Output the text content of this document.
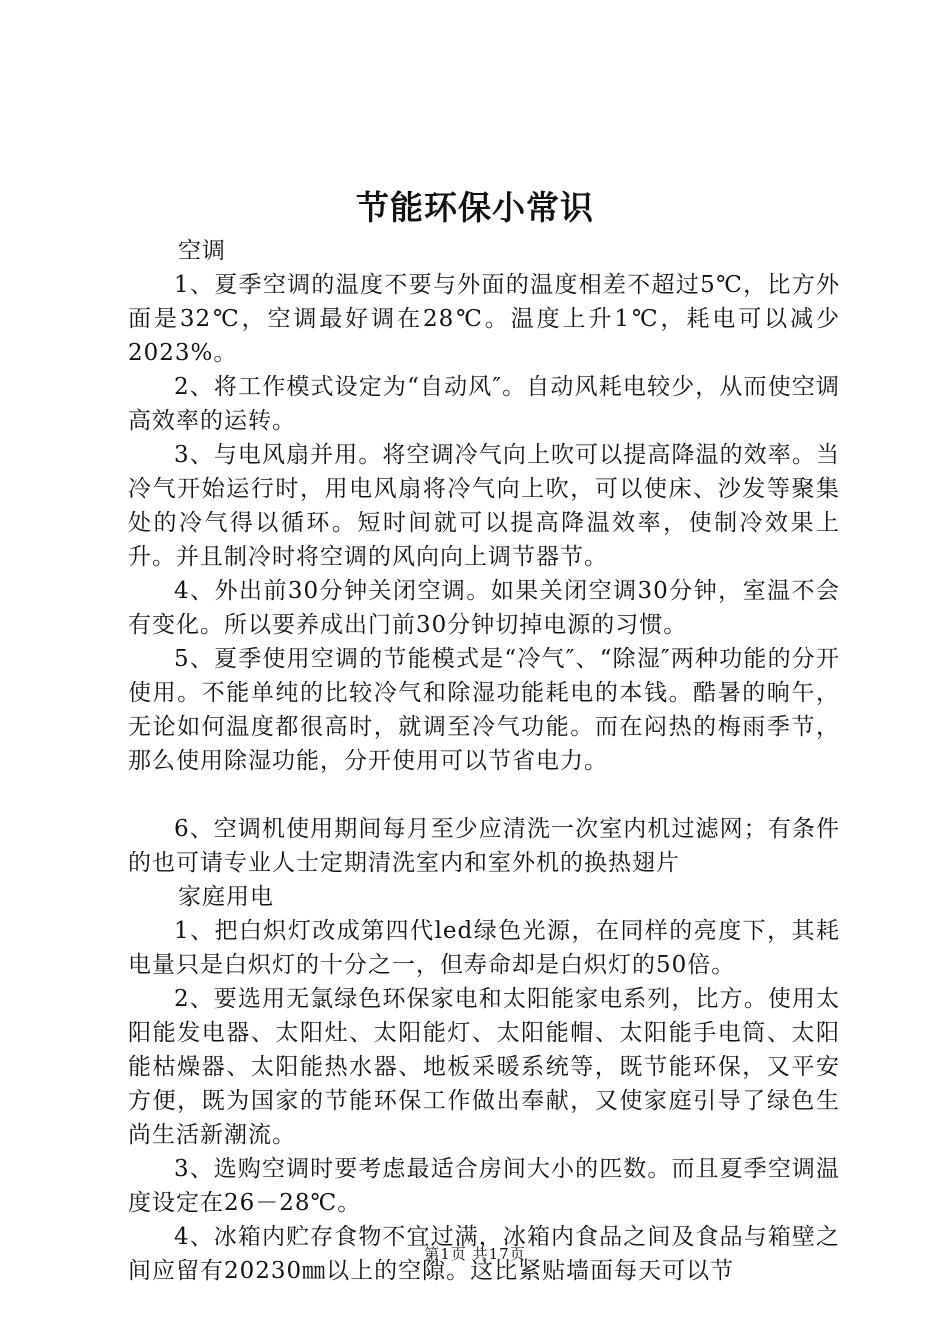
节能环保小常识

空调

1、夏季空调的温度不要与外面的温度相差不超过5℃，比方外面是32℃，空调最好调在28℃。温度上升1℃，耗电可以减少2023%。

2、将工作模式设定为“自动风″。自动风耗电较少，从而使空调高效率的运转。

3、与电风扇并用。将空调冷气向上吹可以提高降温的效率。当冷气开始运行时，用电风扇将冷气向上吹，可以使床、沙发等聚集处的冷气得以循环。短时间就可以提高降温效率，使制冷效果上升。并且制冷时将空调的风向向上调节器节。

4、外出前30分钟关闭空调。如果关闭空调30分钟，室温不会有变化。所以要养成出门前30分钟切掉电源的习惯。

5、夏季使用空调的节能模式是“冷气″、“除湿″两种功能的分开使用。不能单纯的比较冷气和除湿功能耗电的本钱。酷暑的晌午，无论如何温度都很高时，就调至冷气功能。而在闷热的梅雨季节，那么使用除湿功能，分开使用可以节省电力。

6、空调机使用期间每月至少应清洗一次室内机过滤网；有条件的也可请专业人士定期清洗室内和室外机的换热翅片

家庭用电

1、把白炽灯改成第四代led绿色光源，在同样的亮度下，其耗电量只是白炽灯的十分之一，但寿命却是白炽灯的50倍。

2、要选用无氯绿色环保家电和太阳能家电系列，比方。使用太阳能发电器、太阳灶、太阳能灯、太阳能帽、太阳能手电筒、太阳能枯燥器、太阳能热水器、地板采暖系统等，既节能环保，又平安方便，既为国家的节能环保工作做出奉献，又使家庭引导了绿色生尚生活新潮流。

3、选购空调时要考虑最适合房间大小的匹数。而且夏季空调温度设定在26－28℃。

4、冰箱内贮存食物不宜过满，冰箱内食品之间及食品与箱壁之间应留有20230㎜以上的空隙。这比紧贴墙面每天可以节

第1页 共17页
